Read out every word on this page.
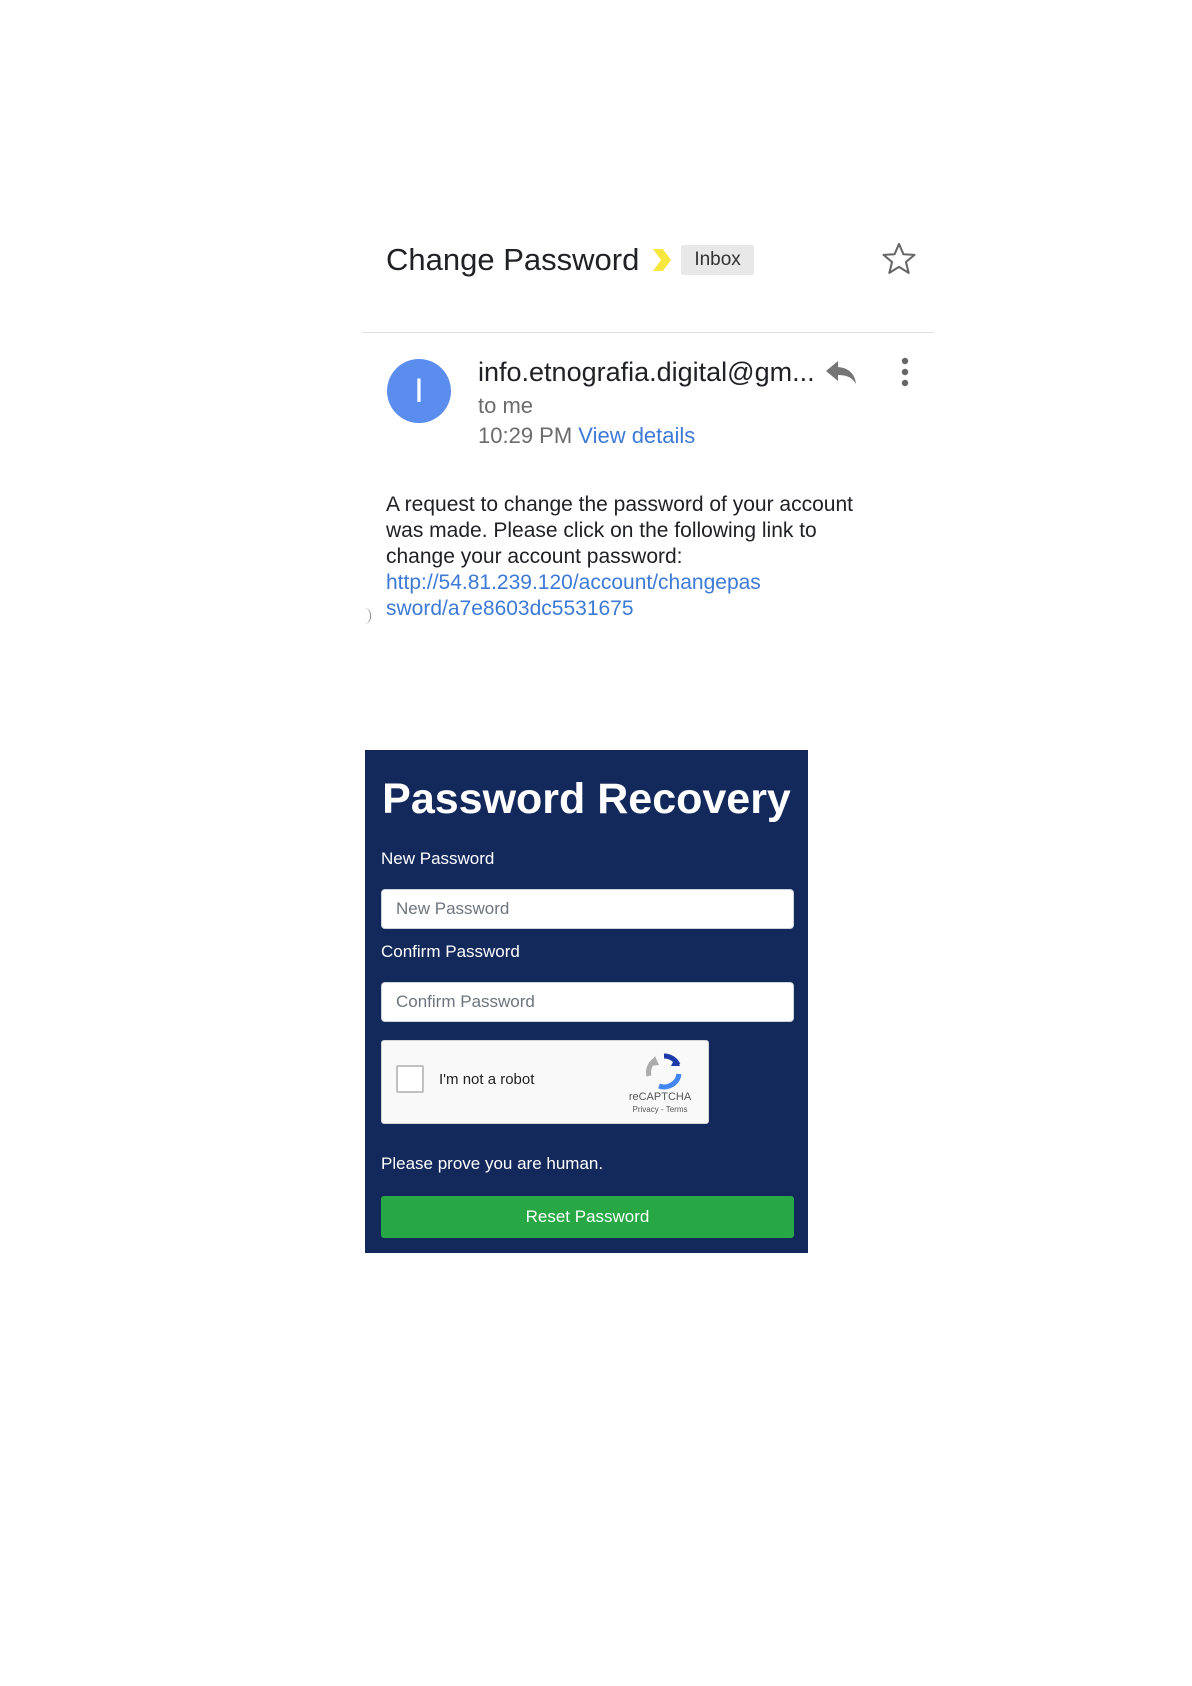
Change Password	Inbox
I	info.etnografia.digital@gm...
to me
10:29 PM View details
A request to change the password of your account was made. Please click on the following link to change your account password:
http://54.81.239.120/account/changepassword/a7e8603dc5531675
Password Recovery
New Password
Confirm Password
I'm not a robot
reCAPTCHA
Privacy - Terms
Please prove you are human.
Reset Password
